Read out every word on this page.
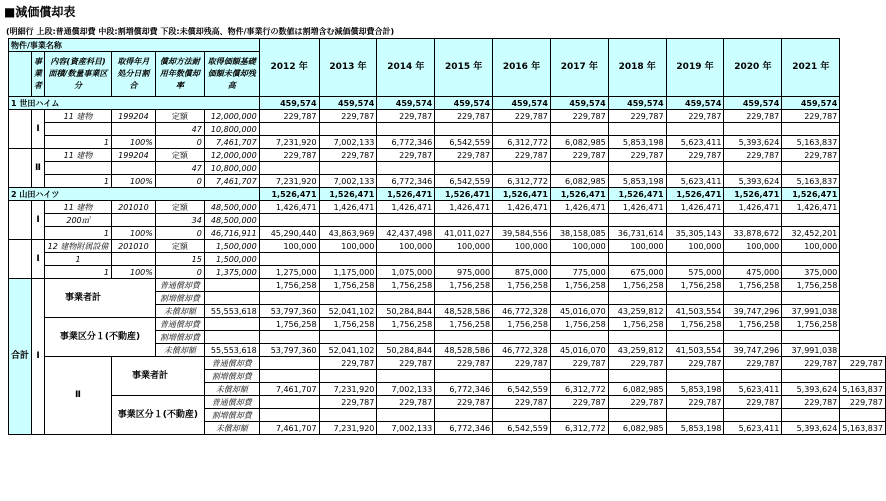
■減価償却表
(明細行 上段:普通償却費 中段:割増償却費 下段:未償却残高、物件/事業行の数値は割増含む減価償却費合計)
物件/事業名称						2012 年	2013 年	2014 年	2015 年	2016 年	2017 年	2018 年	2019 年	2020 年	2021 年	
	事業者	内容(資産科目)面積/数量事業区分	取得年月処分日割合	償却方法耐用年数償却率	取得価額基礎価額未償却残高											
1 世田ハイム						459,574	459,574	459,574	459,574	459,574	459,574	459,574	459,574	459,574	459,574	
	Ⅰ	11 建物	199204	定額	12,000,000	229,787	229,787	229,787	229,787	229,787	229,787	229,787	229,787	229,787	229,787	
				47	10,800,000											
		1	100%	0	7,461,707	7,231,920	7,002,133	6,772,346	6,542,559	6,312,772	6,082,985	5,853,198	5,623,411	5,393,624	5,163,837	
	Ⅱ	11 建物	199204	定額	12,000,000	229,787	229,787	229,787	229,787	229,787	229,787	229,787	229,787	229,787	229,787	
				47	10,800,000											
		1	100%	0	7,461,707	7,231,920	7,002,133	6,772,346	6,542,559	6,312,772	6,082,985	5,853,198	5,623,411	5,393,624	5,163,837	
2 山田ハイツ						1,526,471	1,526,471	1,526,471	1,526,471	1,526,471	1,526,471	1,526,471	1,526,471	1,526,471	1,526,471	
	Ⅰ	11 建物	201010	定額	48,500,000	1,426,471	1,426,471	1,426,471	1,426,471	1,426,471	1,426,471	1,426,471	1,426,471	1,426,471	1,426,471	
		200㎡		34	48,500,000											
		1	100%	0	46,716,911	45,290,440	43,863,969	42,437,498	41,011,027	39,584,556	38,158,085	36,731,614	35,305,143	33,878,672	32,452,201	
	Ⅰ	12 建物附属設備	201010	定額	1,500,000	100,000	100,000	100,000	100,000	100,000	100,000	100,000	100,000	100,000	100,000	
		1		15	1,500,000											
		1	100%	0	1,375,000	1,275,000	1,175,000	1,075,000	975,000	875,000	775,000	675,000	575,000	475,000	375,000	
合計	Ⅰ	事業者計		普通償却費		1,756,258	1,756,258	1,756,258	1,756,258	1,756,258	1,756,258	1,756,258	1,756,258	1,756,258	1,756,258	
				割増償却費												
				未償却額	55,553,618	53,797,360	52,041,102	50,284,844	48,528,586	46,772,328	45,016,070	43,259,812	41,503,554	39,747,296	37,991,038	
		事業区分１(不動産)		普通償却費		1,756,258	1,756,258	1,756,258	1,756,258	1,756,258	1,756,258	1,756,258	1,756,258	1,756,258	1,756,258	
				割増償却費												
				未償却額	55,553,618	53,797,360	52,041,102	50,284,844	48,528,586	46,772,328	45,016,070	43,259,812	41,503,554	39,747,296	37,991,038	
		Ⅱ	事業者計		普通償却費		229,787	229,787	229,787	229,787	229,787	229,787	229,787	229,787	229,787	229,787
					割増償却費											
					未償却額	7,461,707	7,231,920	7,002,133	6,772,346	6,542,559	6,312,772	6,082,985	5,853,198	5,623,411	5,393,624	5,163,837
			事業区分１(不動産)		普通償却費		229,787	229,787	229,787	229,787	229,787	229,787	229,787	229,787	229,787	229,787
					割増償却費											
					未償却額	7,461,707	7,231,920	7,002,133	6,772,346	6,542,559	6,312,772	6,082,985	5,853,198	5,623,411	5,393,624	5,163,837
